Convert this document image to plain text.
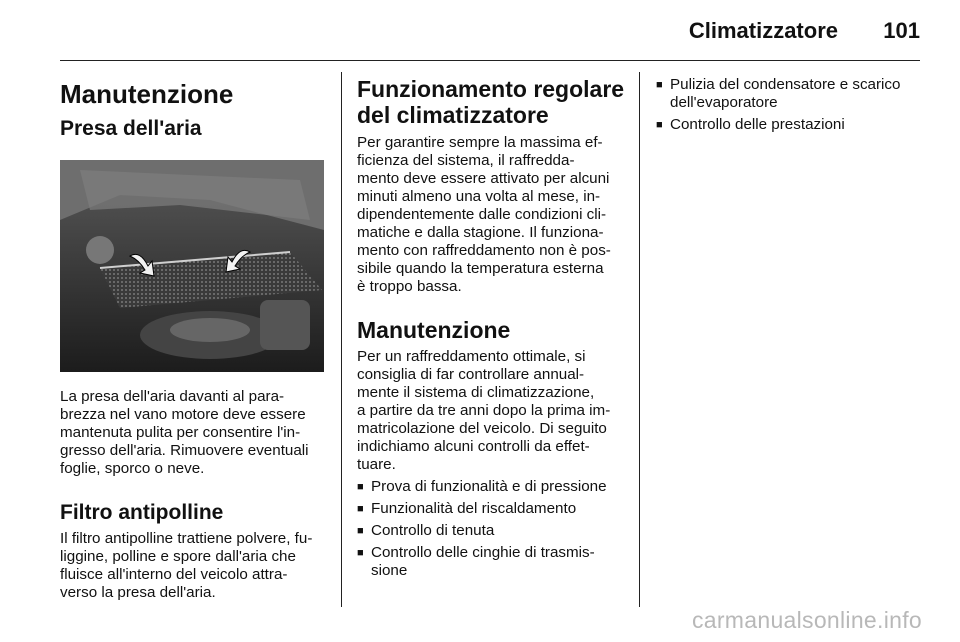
Climatizzatore 101
Manutenzione
Presa dell'aria

La presa dell'aria davanti al para-
brezza nel vano motore deve essere
mantenuta pulita per consentire l'in-
gresso dell'aria. Rimuovere eventuali
foglie, sporco o neve.

Filtro antipolline

Il filtro antipolline trattiene polvere, fu-
liggine, polline e spore dall'aria che
fluisce all'interno del veicolo attra-
verso la presa dell'aria.

Funzionamento regolare
del climatizzatore

Per garantire sempre la massima ef-
ficienza del sistema, il raffredda-
mento deve essere attivato per alcuni
minuti almeno una volta al mese, in-
dipendentemente dalle condizioni cli-
matiche e dalla stagione. Il funziona-
mento con raffreddamento non è pos-
sibile quando la temperatura esterna
è troppo bassa.

Manutenzione

Per un raffreddamento ottimale, si
consiglia di far controllare annual-
mente il sistema di climatizzazione,
a partire da tre anni dopo la prima im-
matricolazione del veicolo. Di seguito
indichiamo alcuni controlli da effet-
tuare.

■ Prova di funzionalità e di pressione
■ Funzionalità del riscaldamento
■ Controllo di tenuta
■ Controllo delle cinghie di trasmis-
sione
■ Pulizia del condensatore e scarico
dell'evaporatore
■ Controllo delle prestazioni
carmanualsonline.info
